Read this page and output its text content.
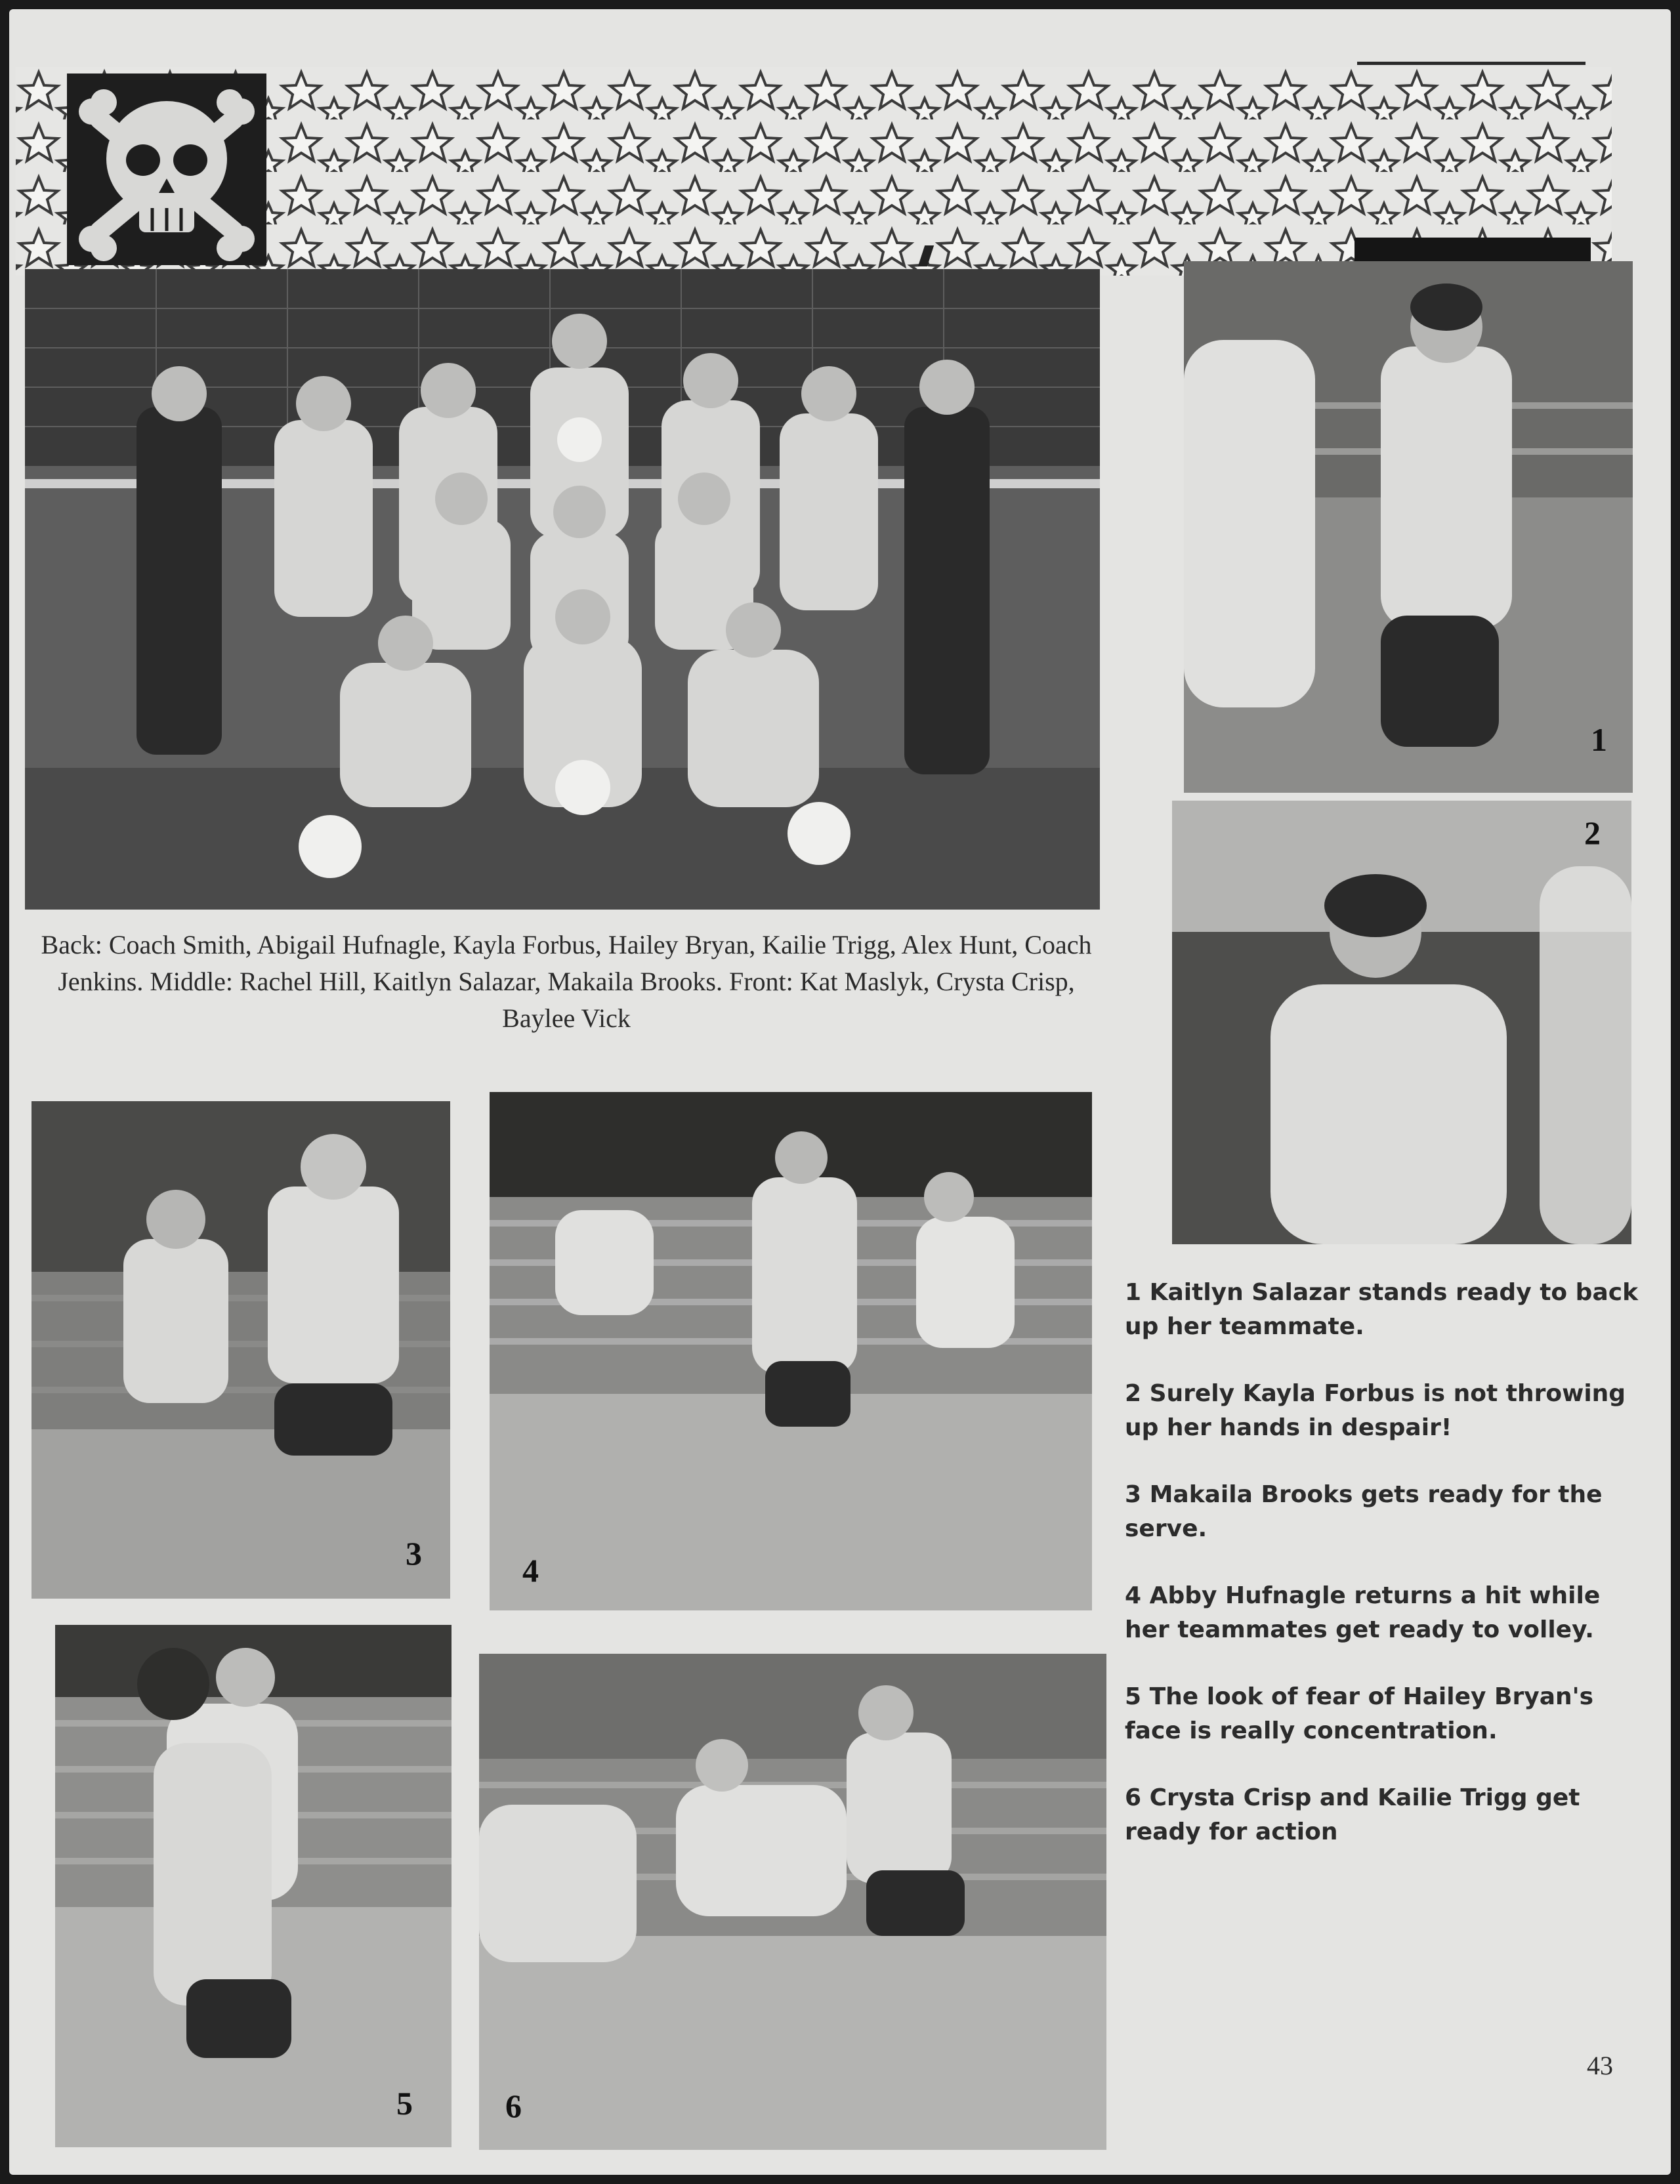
Back: Coach Smith, Abigail Hufnagle, Kayla Forbus, Hailey Bryan, Kailie Trigg, Alex Hunt, Coach Jenkins. Middle: Rachel Hill, Kaitlyn Salazar, Makaila Brooks. Front: Kat Maslyk, Crysta Crisp, Baylee Vick
1
2
3	4
5	6

1 Kaitlyn Salazar stands ready to back up her teammate.

2 Surely Kayla Forbus is not throwing up her hands in despair!

3 Makaila Brooks gets ready for the serve.

4 Abby Hufnagle returns a hit while her teammates get ready to volley.

5 The look of fear of Hailey Bryan's face is really concentration.

6 Crysta Crisp and Kailie Trigg get ready for action

43
